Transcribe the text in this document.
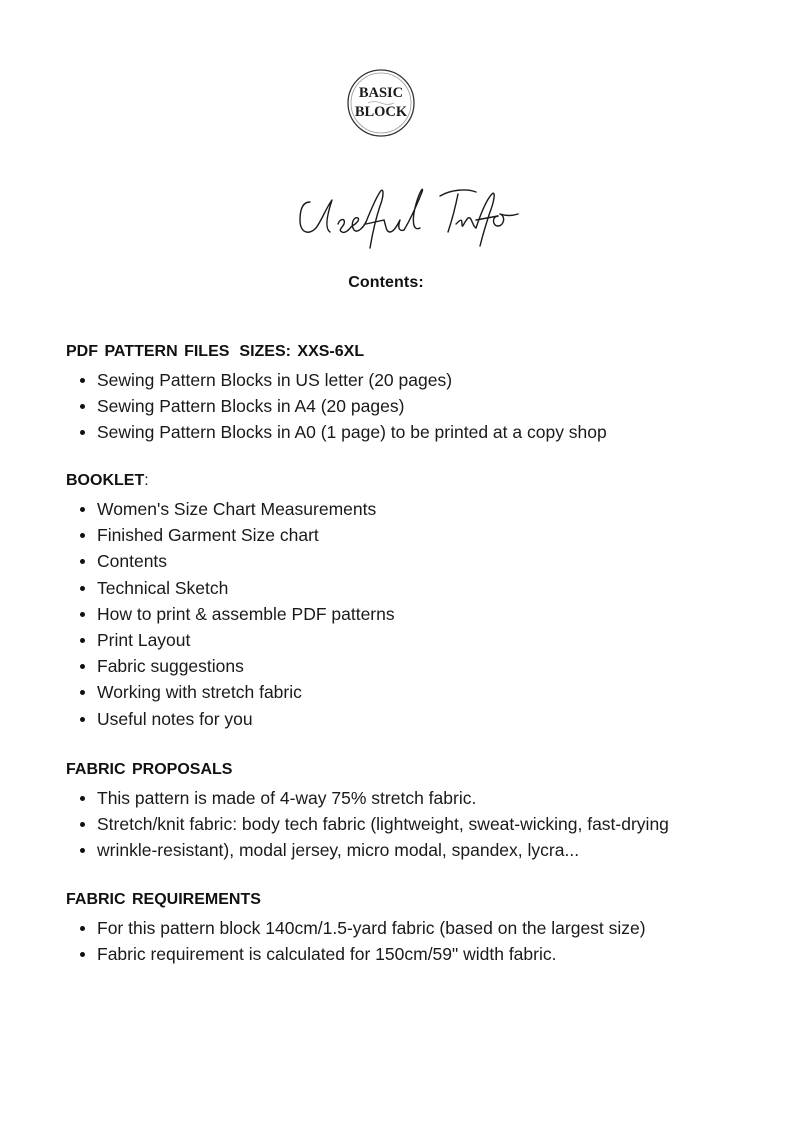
BASIC
BLOCK
Contents:
PDF PATTERN FILES SIZES: XXS-6XL
Sewing Pattern Blocks in US letter (20 pages)
Sewing Pattern Blocks in A4 (20 pages)
Sewing Pattern Blocks in A0 (1 page) to be printed at a copy shop
BOOKLET:
Women's Size Chart Measurements
Finished Garment Size chart
Contents
Technical Sketch
How to print & assemble PDF patterns
Print Layout
Fabric suggestions
Working with stretch fabric
Useful notes for you
FABRIC PROPOSALS
This pattern is made of 4-way 75% stretch fabric.
Stretch/knit fabric: body tech fabric (lightweight, sweat-wicking, fast-drying
wrinkle-resistant), modal jersey, micro modal, spandex, lycra...
FABRIC REQUIREMENTS
For this pattern block 140cm/1.5-yard fabric (based on the largest size)
Fabric requirement is calculated for 150cm/59" width fabric.
